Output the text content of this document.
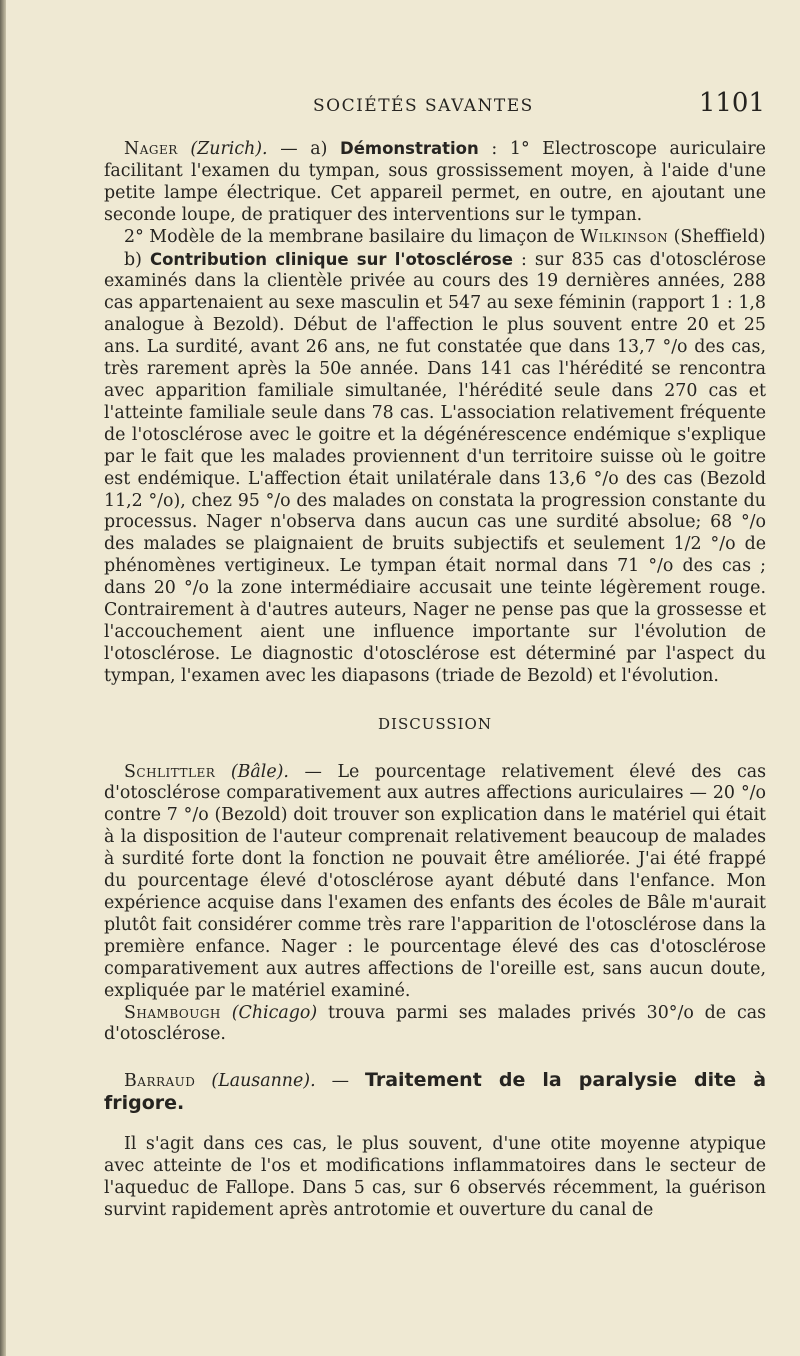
SOCIÉTÉS SAVANTES	1101

Nager (Zurich). — a) Démonstration : 1° Electroscope auriculaire facilitant l'examen du tympan, sous grossissement moyen, à l'aide d'une petite lampe électrique. Cet appareil permet, en outre, en ajoutant une seconde loupe, de pratiquer des interventions sur le tympan.

2° Modèle de la membrane basilaire du limaçon de Wilkinson (Sheffield)

b) Contribution clinique sur l'otosclérose : sur 835 cas d'otosclérose examinés dans la clientèle privée au cours des 19 dernières années, 288 cas appartenaient au sexe masculin et 547 au sexe féminin (rapport 1 : 1,8 analogue à Bezold). Début de l'affection le plus souvent entre 20 et 25 ans. La surdité, avant 26 ans, ne fut constatée que dans 13,7 °/o des cas, très rarement après la 50e année. Dans 141 cas l'hérédité se rencontra avec apparition familiale simultanée, l'hérédité seule dans 270 cas et l'atteinte familiale seule dans 78 cas. L'association relativement fréquente de l'otosclérose avec le goitre et la dégénérescence endémique s'explique par le fait que les malades proviennent d'un territoire suisse où le goitre est endémique. L'affection était unilatérale dans 13,6 °/o des cas (Bezold 11,2 °/o), chez 95 °/o des malades on constata la progression constante du processus. Nager n'observa dans aucun cas une surdité absolue; 68 °/o des malades se plaignaient de bruits subjectifs et seulement 1/2 °/o de phénomènes vertigineux. Le tympan était normal dans 71 °/o des cas ; dans 20 °/o la zone intermédiaire accusait une teinte légèrement rouge. Contrairement à d'autres auteurs, Nager ne pense pas que la grossesse et l'accouchement aient une influence importante sur l'évolution de l'otosclérose. Le diagnostic d'otosclérose est déterminé par l'aspect du tympan, l'examen avec les diapasons (triade de Bezold) et l'évolution.

DISCUSSION

Schlittler (Bâle). — Le pourcentage relativement élevé des cas d'otosclérose comparativement aux autres affections auriculaires — 20 °/o contre 7 °/o (Bezold) doit trouver son explication dans le matériel qui était à la disposition de l'auteur comprenait relativement beaucoup de malades à surdité forte dont la fonction ne pouvait être améliorée. J'ai été frappé du pourcentage élevé d'otosclérose ayant débuté dans l'enfance. Mon expérience acquise dans l'examen des enfants des écoles de Bâle m'aurait plutôt fait considérer comme très rare l'apparition de l'otosclérose dans la première enfance. Nager : le pourcentage élevé des cas d'otosclérose comparativement aux autres affections de l'oreille est, sans aucun doute, expliquée par le matériel examiné.

Shambough (Chicago) trouva parmi ses malades privés 30°/o de cas d'otosclérose.

Barraud (Lausanne). — Traitement de la paralysie dite à frigore.

Il s'agit dans ces cas, le plus souvent, d'une otite moyenne atypique avec atteinte de l'os et modifications inflammatoires dans le secteur de l'aqueduc de Fallope. Dans 5 cas, sur 6 observés récemment, la guérison survint rapidement après antrotomie et ouverture du canal de
